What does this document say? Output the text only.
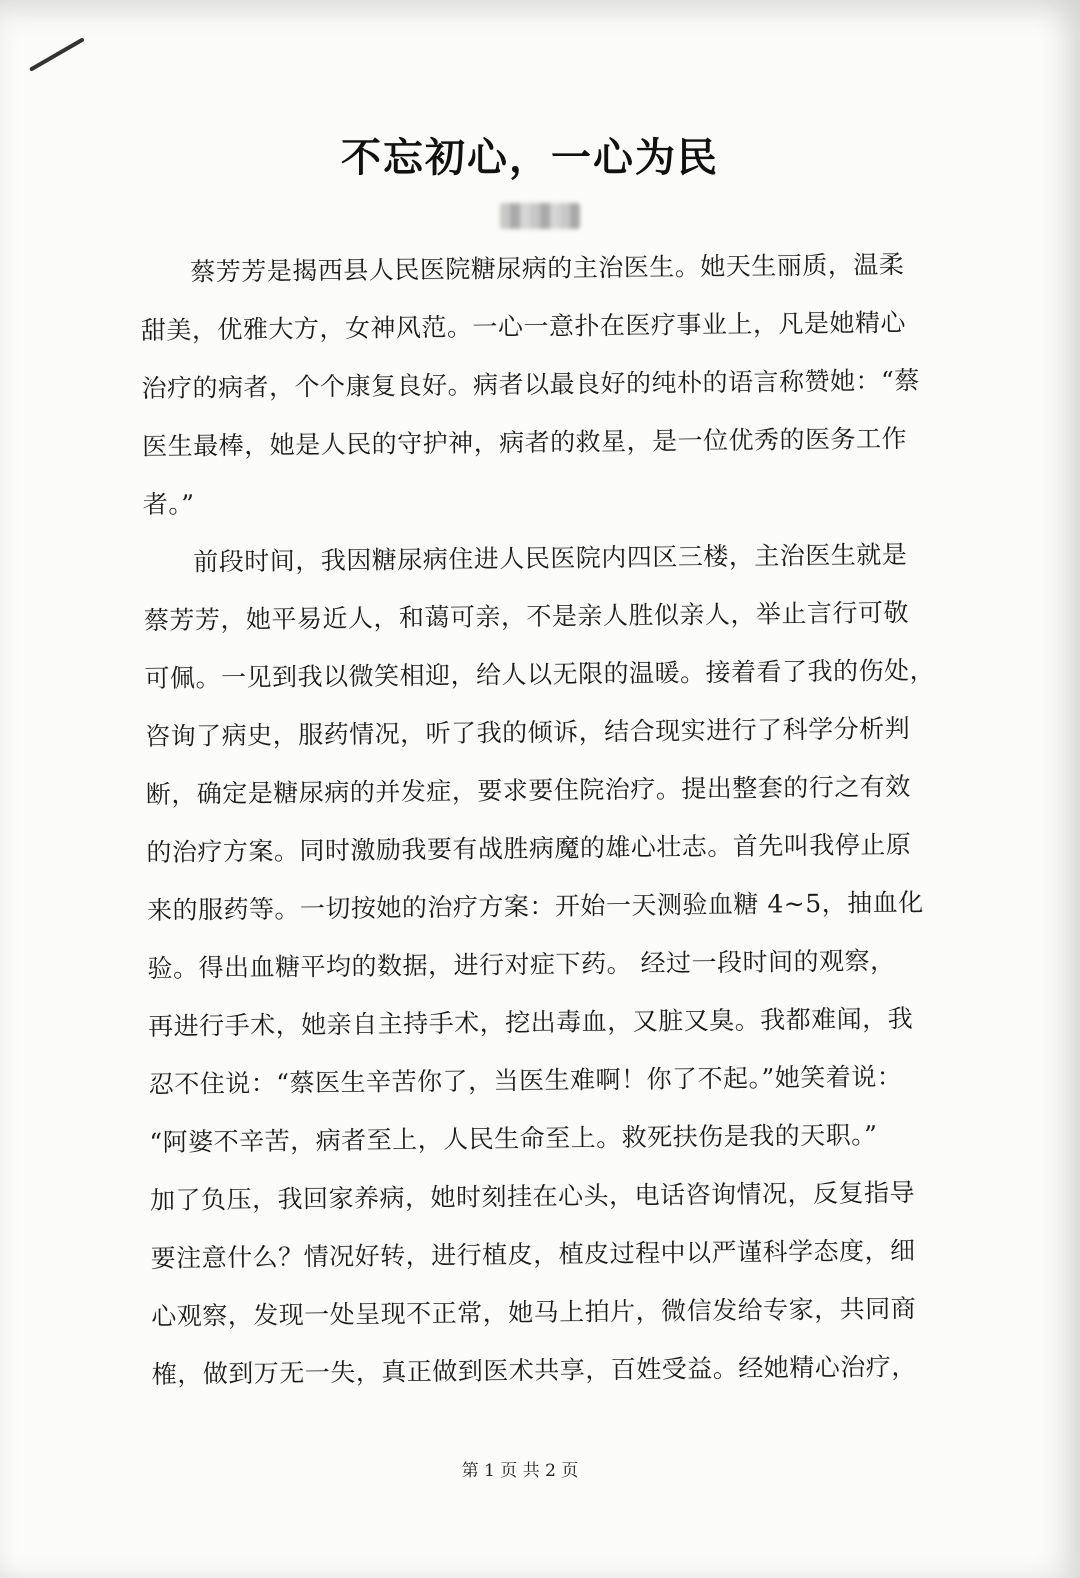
不忘初心，一心为民
蔡芳芳是揭西县人民医院糖尿病的主治医生。她天生丽质，温柔
甜美，优雅大方，女神风范。一心一意扑在医疗事业上，凡是她精心
治疗的病者，个个康复良好。病者以最良好的纯朴的语言称赞她：“蔡
医生最棒，她是人民的守护神，病者的救星，是一位优秀的医务工作
者。”
前段时间，我因糖尿病住进人民医院内四区三楼，主治医生就是
蔡芳芳，她平易近人，和蔼可亲，不是亲人胜似亲人，举止言行可敬
可佩。一见到我以微笑相迎，给人以无限的温暖。接着看了我的伤处，
咨询了病史，服药情况，听了我的倾诉，结合现实进行了科学分析判
断，确定是糖尿病的并发症，要求要住院治疗。提出整套的行之有效
的治疗方案。同时激励我要有战胜病魔的雄心壮志。首先叫我停止原
来的服药等。一切按她的治疗方案：开始一天测验血糖 4~5，抽血化
验。得出血糖平均的数据，进行对症下药。 经过一段时间的观察，
再进行手术，她亲自主持手术，挖出毒血，又脏又臭。我都难闻，我
忍不住说：“蔡医生辛苦你了，当医生难啊！你了不起。”她笑着说：
“阿婆不辛苦，病者至上，人民生命至上。救死扶伤是我的天职。”
加了负压，我回家养病，她时刻挂在心头，电话咨询情况，反复指导
要注意什么？情况好转，进行植皮，植皮过程中以严谨科学态度，细
心观察，发现一处呈现不正常，她马上拍片，微信发给专家，共同商
榷，做到万无一失，真正做到医术共享，百姓受益。经她精心治疗，
第 1 页 共 2 页
